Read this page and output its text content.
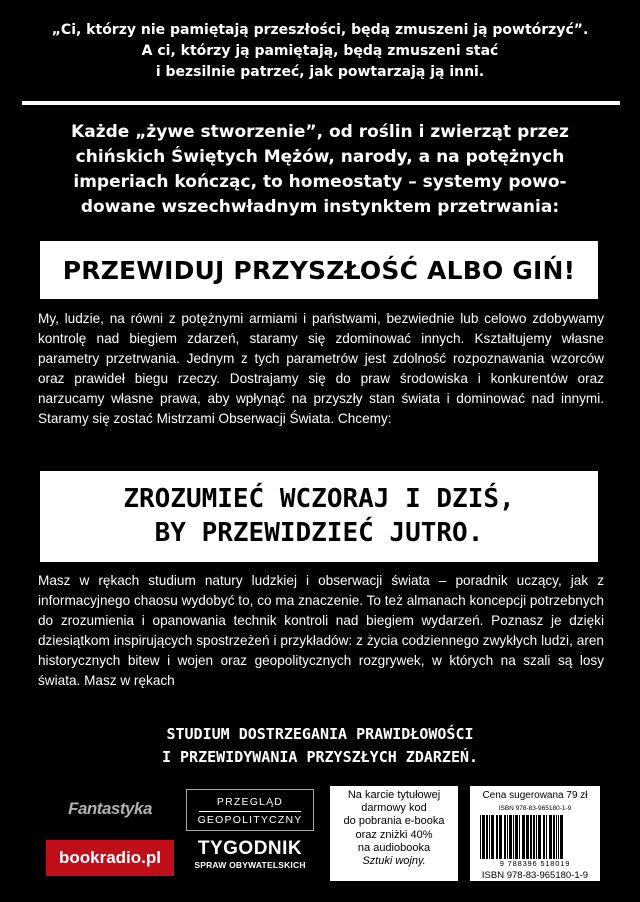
„Ci, którzy nie pamiętają przeszłości, będą zmuszeni ją powtórzyć”.
A ci, którzy ją pamiętają, będą zmuszeni stać
i bezsilnie patrzeć, jak powtarzają ją inni.
Każde „żywe stworzenie”, od roślin i zwierząt przez
chińskich Świętych Mężów, narody, a na potężnych
imperiach kończąc, to homeostaty – systemy powo-
dowane wszechwładnym instynktem przetrwania:
PRZEWIDUJ PRZYSZŁOŚĆ ALBO GIŃ!
My, ludzie, na równi z potężnymi armiami i państwami, bezwiednie lub celowo zdobywamy kontrolę nad biegiem zdarzeń, staramy się zdominować innych. Kształtujemy własne parametry przetrwania. Jednym z tych parametrów jest zdolność rozpoznawania wzorców oraz prawideł biegu rzeczy. Dostrajamy się do praw środowiska i konkurentów oraz narzucamy własne prawa, aby wpłynąć na przyszły stan świata i dominować nad innymi. Staramy się zostać Mistrzami Obserwacji Świata. Chcemy:
ZROZUMIEĆ WCZORAJ I DZIŚ,
BY PRZEWIDZIEĆ JUTRO.
Masz w rękach studium natury ludzkiej i obserwacji świata – poradnik uczący, jak z informacyjnego chaosu wydobyć to, co ma znaczenie. To też almanach koncepcji potrzebnych do zrozumienia i opanowania technik kontroli nad biegiem wydarzeń. Poznasz je dzięki dziesiątkom inspirujących spostrzeżeń i przykładów: z życia codziennego zwykłych ludzi, aren historycznych bitew i wojen oraz geopolitycznych rozgrywek, w których na szali są losy świata. Masz w rękach
STUDIUM DOSTRZEGANIA PRAWIDŁOWOŚCI
I PRZEWIDYWANIA PRZYSZŁYCH ZDARZEŃ.
Fantastyka
bookradio.pl
PRZEGLĄD
GEOPOLITYCZNY
TYGODNIK
SPRAW OBYWATELSKICH
Na karcie tytułowej
darmowy kod
do pobrania e-booka
oraz zniżki 40%
na audiobooka
Sztuki wojny.
Cena sugerowana 79 zł
ISBN 978-83-965180-1-9
9 788396 518019
ISBN 978-83-965180-1-9
